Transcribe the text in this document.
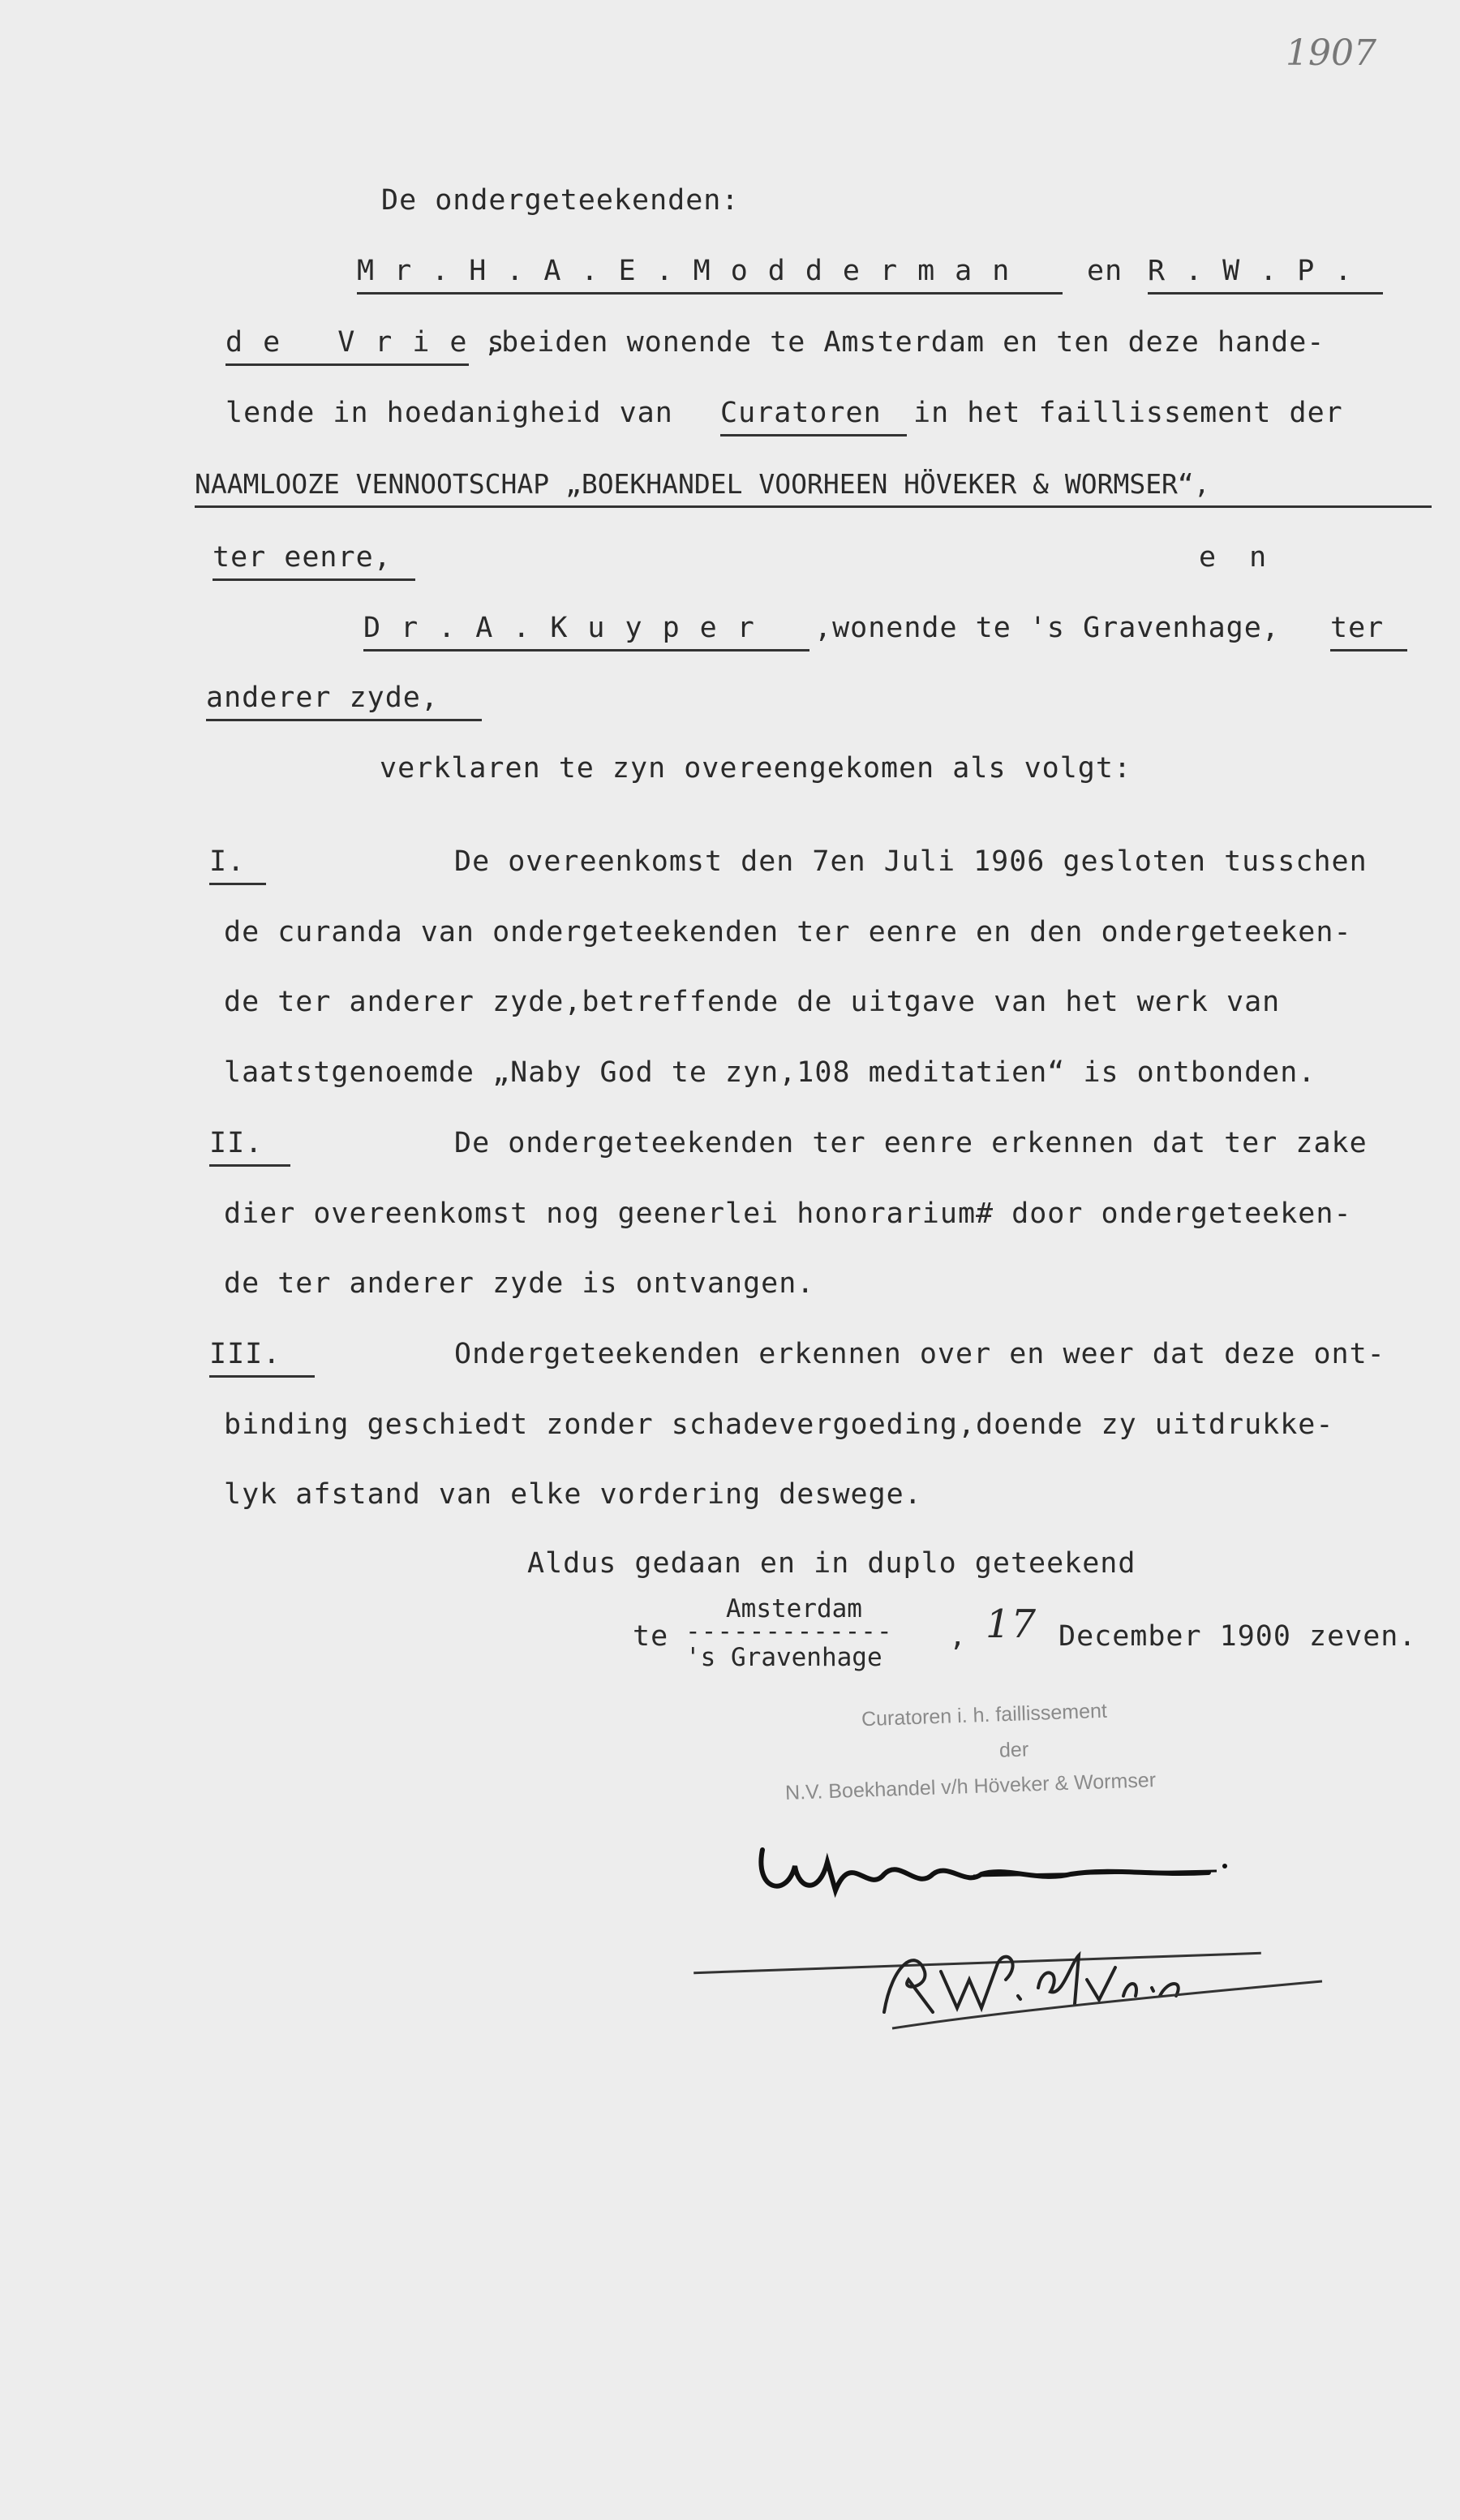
1907
De ondergeteekenden:
Mr.H.A.E.Modderman	en R.W.P.
de Vries
,beiden wonende te Amsterdam en ten deze hande-
lende in hoedanigheid van Curatoren	in het faillissement der
NAAMLOOZE VENNOOTSCHAP „BOEKHANDEL VOORHEEN HÖVEKER & WORMSER“,
ter eenre,	e n
Dr.A.Kuyper	,wonende te 's Gravenhage, ter
anderer zyde,
verklaren te zyn overeengekomen als volgt:
I.	De overeenkomst den 7en Juli 1906 gesloten tusschen
de curanda van ondergeteekenden ter eenre en den ondergeteeken-
de ter anderer zyde,betreffende de uitgave van het werk van
laatstgenoemde „Naby God te zyn,108 meditatien“ is ontbonden.
II.	De ondergeteekenden ter eenre erkennen dat ter zake
dier overeenkomst nog geenerlei honorarium# door ondergeteeken-
de ter anderer zyde is ontvangen.
III.	Ondergeteekenden erkennen over en weer dat deze ont-
binding geschiedt zonder schadevergoeding,doende zy uitdrukke-
lyk afstand van elke vordering deswege.
Aldus gedaan en in duplo geteekend
Amsterdam
te -------------
's Gravenhage
, 17 December 1900 zeven.
Curatoren i. h. faillissement
der
N.V. Boekhandel v/h Höveker & Wormser
